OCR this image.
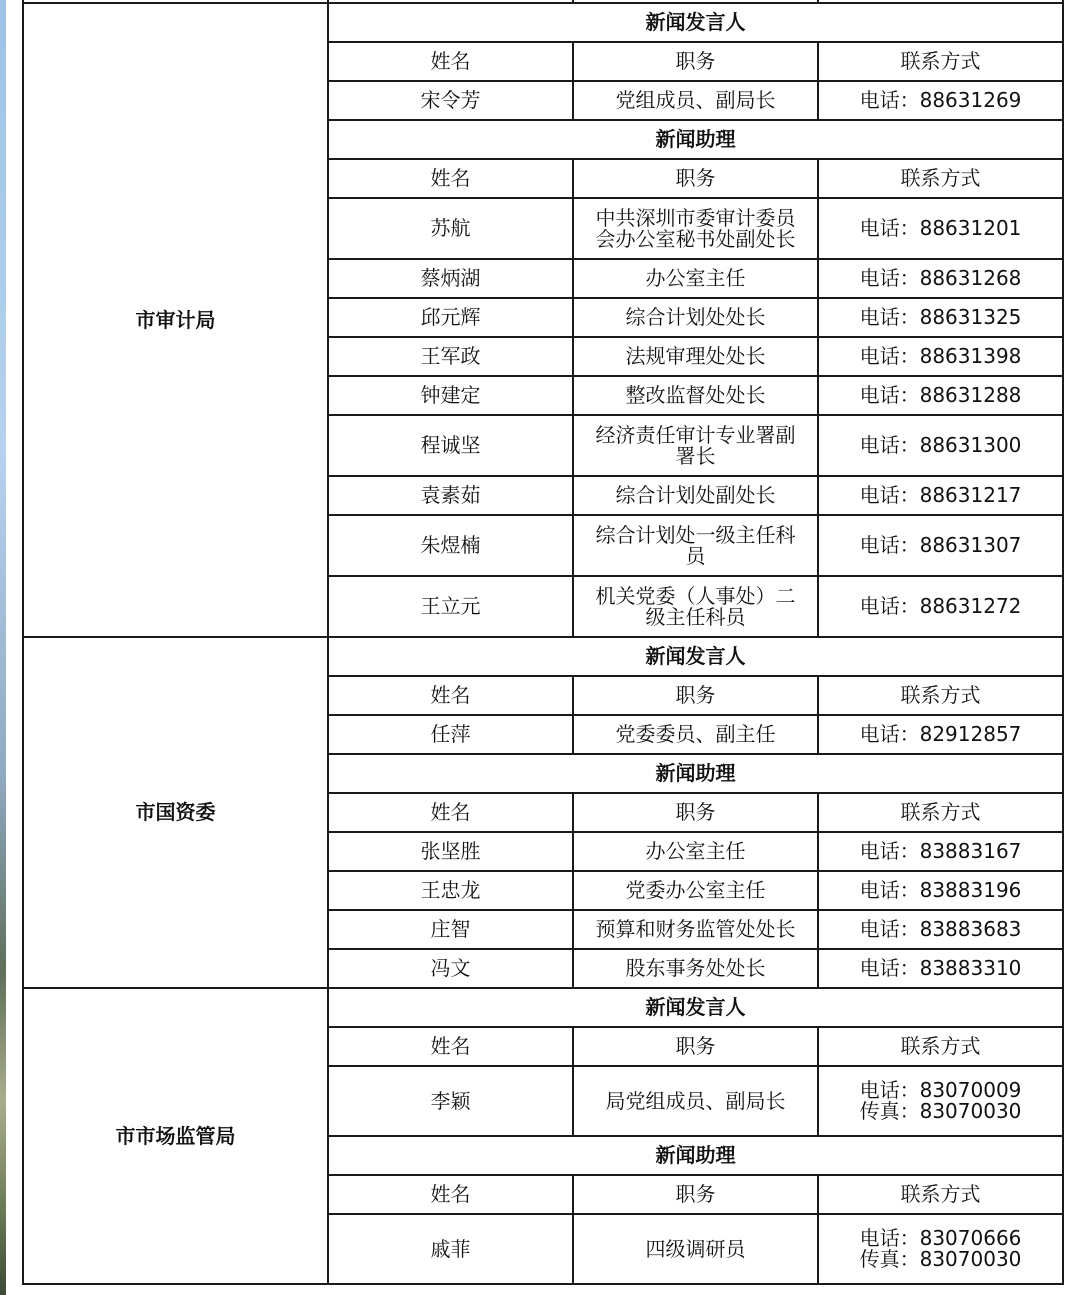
市审计局	新闻发言人		
	姓名	职务	联系方式
	宋令芳	党组成员、副局长	电话：88631269
	新闻助理		
	姓名	职务	联系方式
	苏航	中共深圳市委审计委员
会办公室秘书处副处长	电话：88631201
	蔡炳湖	办公室主任	电话：88631268
	邱元辉	综合计划处处长	电话：88631325
	王军政	法规审理处处长	电话：88631398
	钟建定	整改监督处处长	电话：88631288
	程诚坚	经济责任审计专业署副
署长	电话：88631300
	袁素茹	综合计划处副处长	电话：88631217
	朱煜楠	综合计划处一级主任科
员	电话：88631307
	王立元	机关党委（人事处）二
级主任科员	电话：88631272
市国资委	新闻发言人		
	姓名	职务	联系方式
	任萍	党委委员、副主任	电话：82912857
	新闻助理		
	姓名	职务	联系方式
	张坚胜	办公室主任	电话：83883167
	王忠龙	党委办公室主任	电话：83883196
	庄智	预算和财务监管处处长	电话：83883683
	冯文	股东事务处处长	电话：83883310
市市场监管局	新闻发言人		
	姓名	职务	联系方式
	李颖	局党组成员、副局长	电话：83070009
传真：83070030

	新闻助理		
	姓名	职务	联系方式
	戚菲	四级调研员	电话：83070666
传真：83070030
